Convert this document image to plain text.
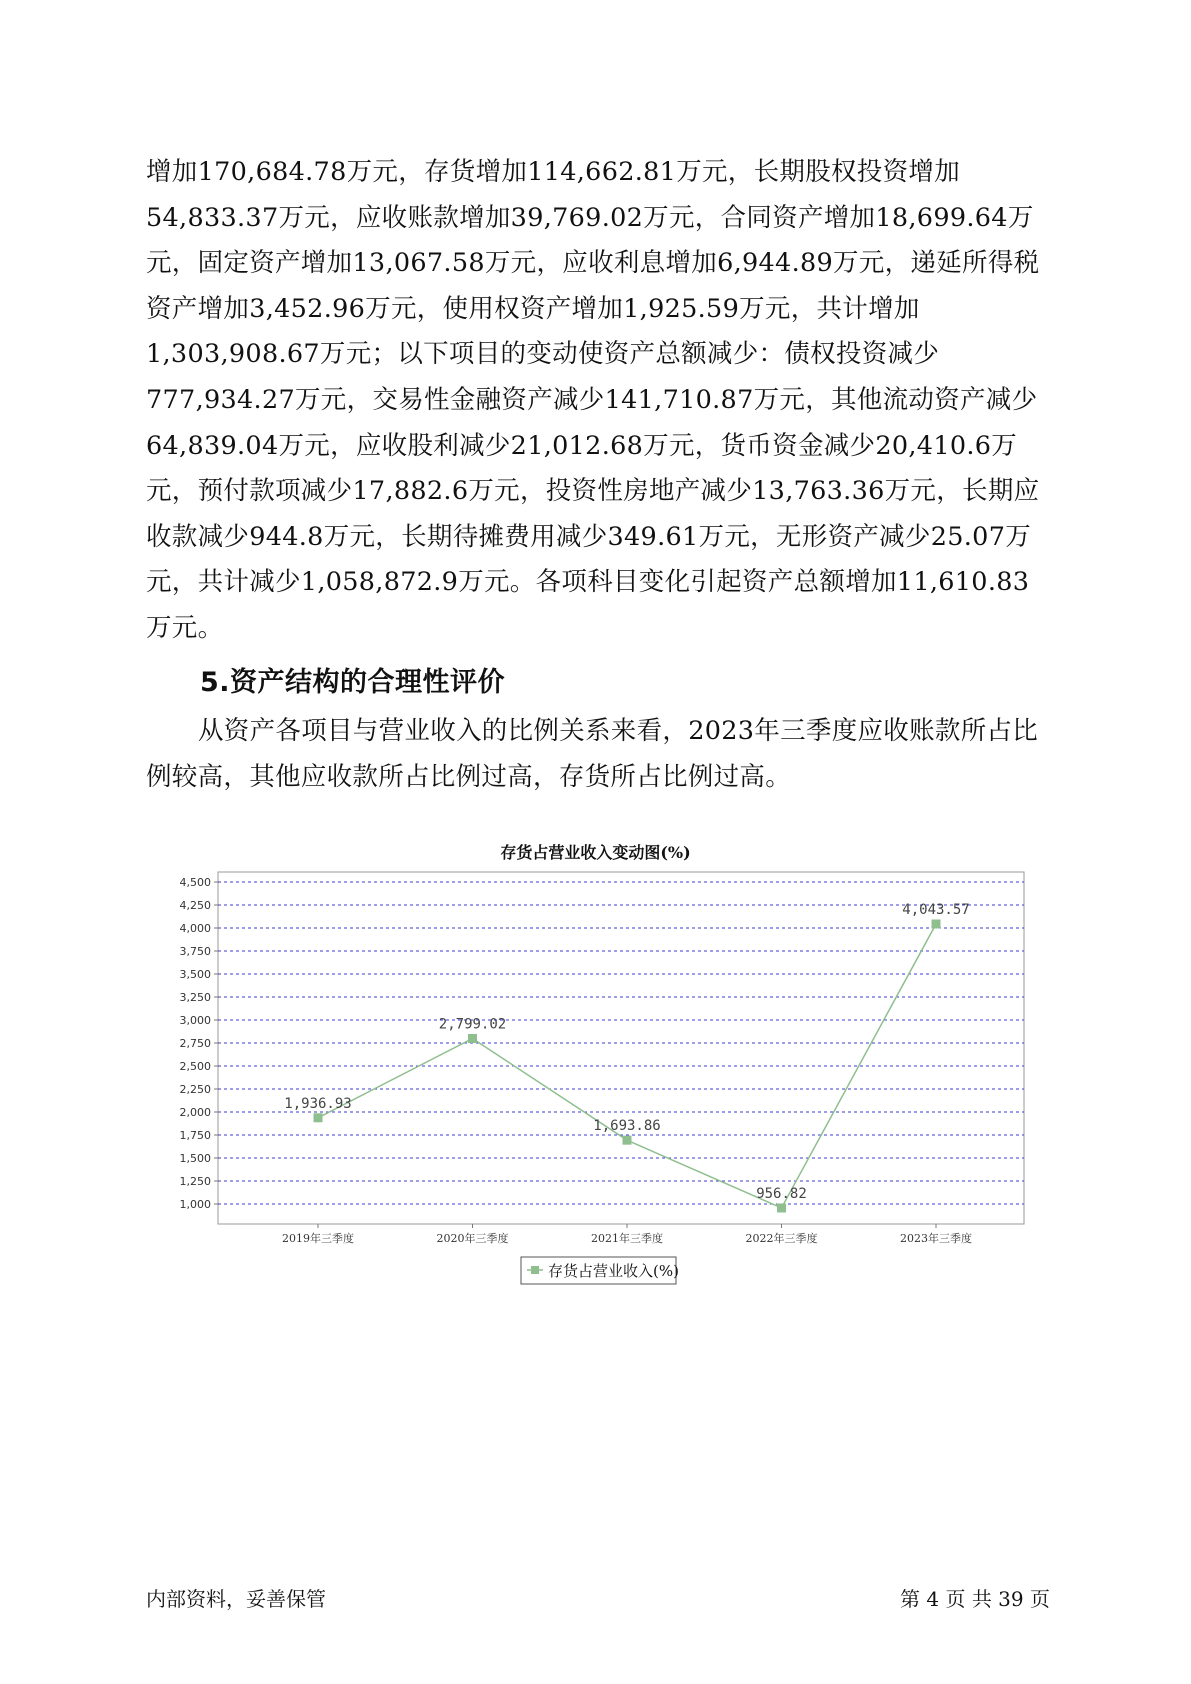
增加170,684.78万元，存货增加114,662.81万元，长期股权投资增加54,833.37万元，应收账款增加39,769.02万元，合同资产增加18,699.64万元，固定资产增加13,067.58万元，应收利息增加6,944.89万元，递延所得税资产增加3,452.96万元，使用权资产增加1,925.59万元，共计增加1,303,908.67万元；以下项目的变动使资产总额减少：债权投资减少777,934.27万元，交易性金融资产减少141,710.87万元，其他流动资产减少64,839.04万元，应收股利减少21,012.68万元，货币资金减少20,410.6万元，预付款项减少17,882.6万元，投资性房地产减少13,763.36万元，长期应收款减少944.8万元，长期待摊费用减少349.61万元，无形资产减少25.07万元，共计减少1,058,872.9万元。各项科目变化引起资产总额增加11,610.83万元。

5.资产结构的合理性评价

从资产各项目与营业收入的比例关系来看，2023年三季度应收账款所占比例较高，其他应收款所占比例过高，存货所占比例过高。

存货占营业收入变动图(%)

1,000
1,250
1,500
1,750
2,000
2,250
2,500
2,750
3,000
3,250
3,500
3,750
4,000
4,250
4,500
2019年三季度	2020年三季度	2021年三季度	2022年三季度	2023年三季度
1,936.93
2,799.02
1,693.86
956.82
4,043.57
存货占营业收入(%)

内部资料，妥善保管	第 4 页 共 39 页
